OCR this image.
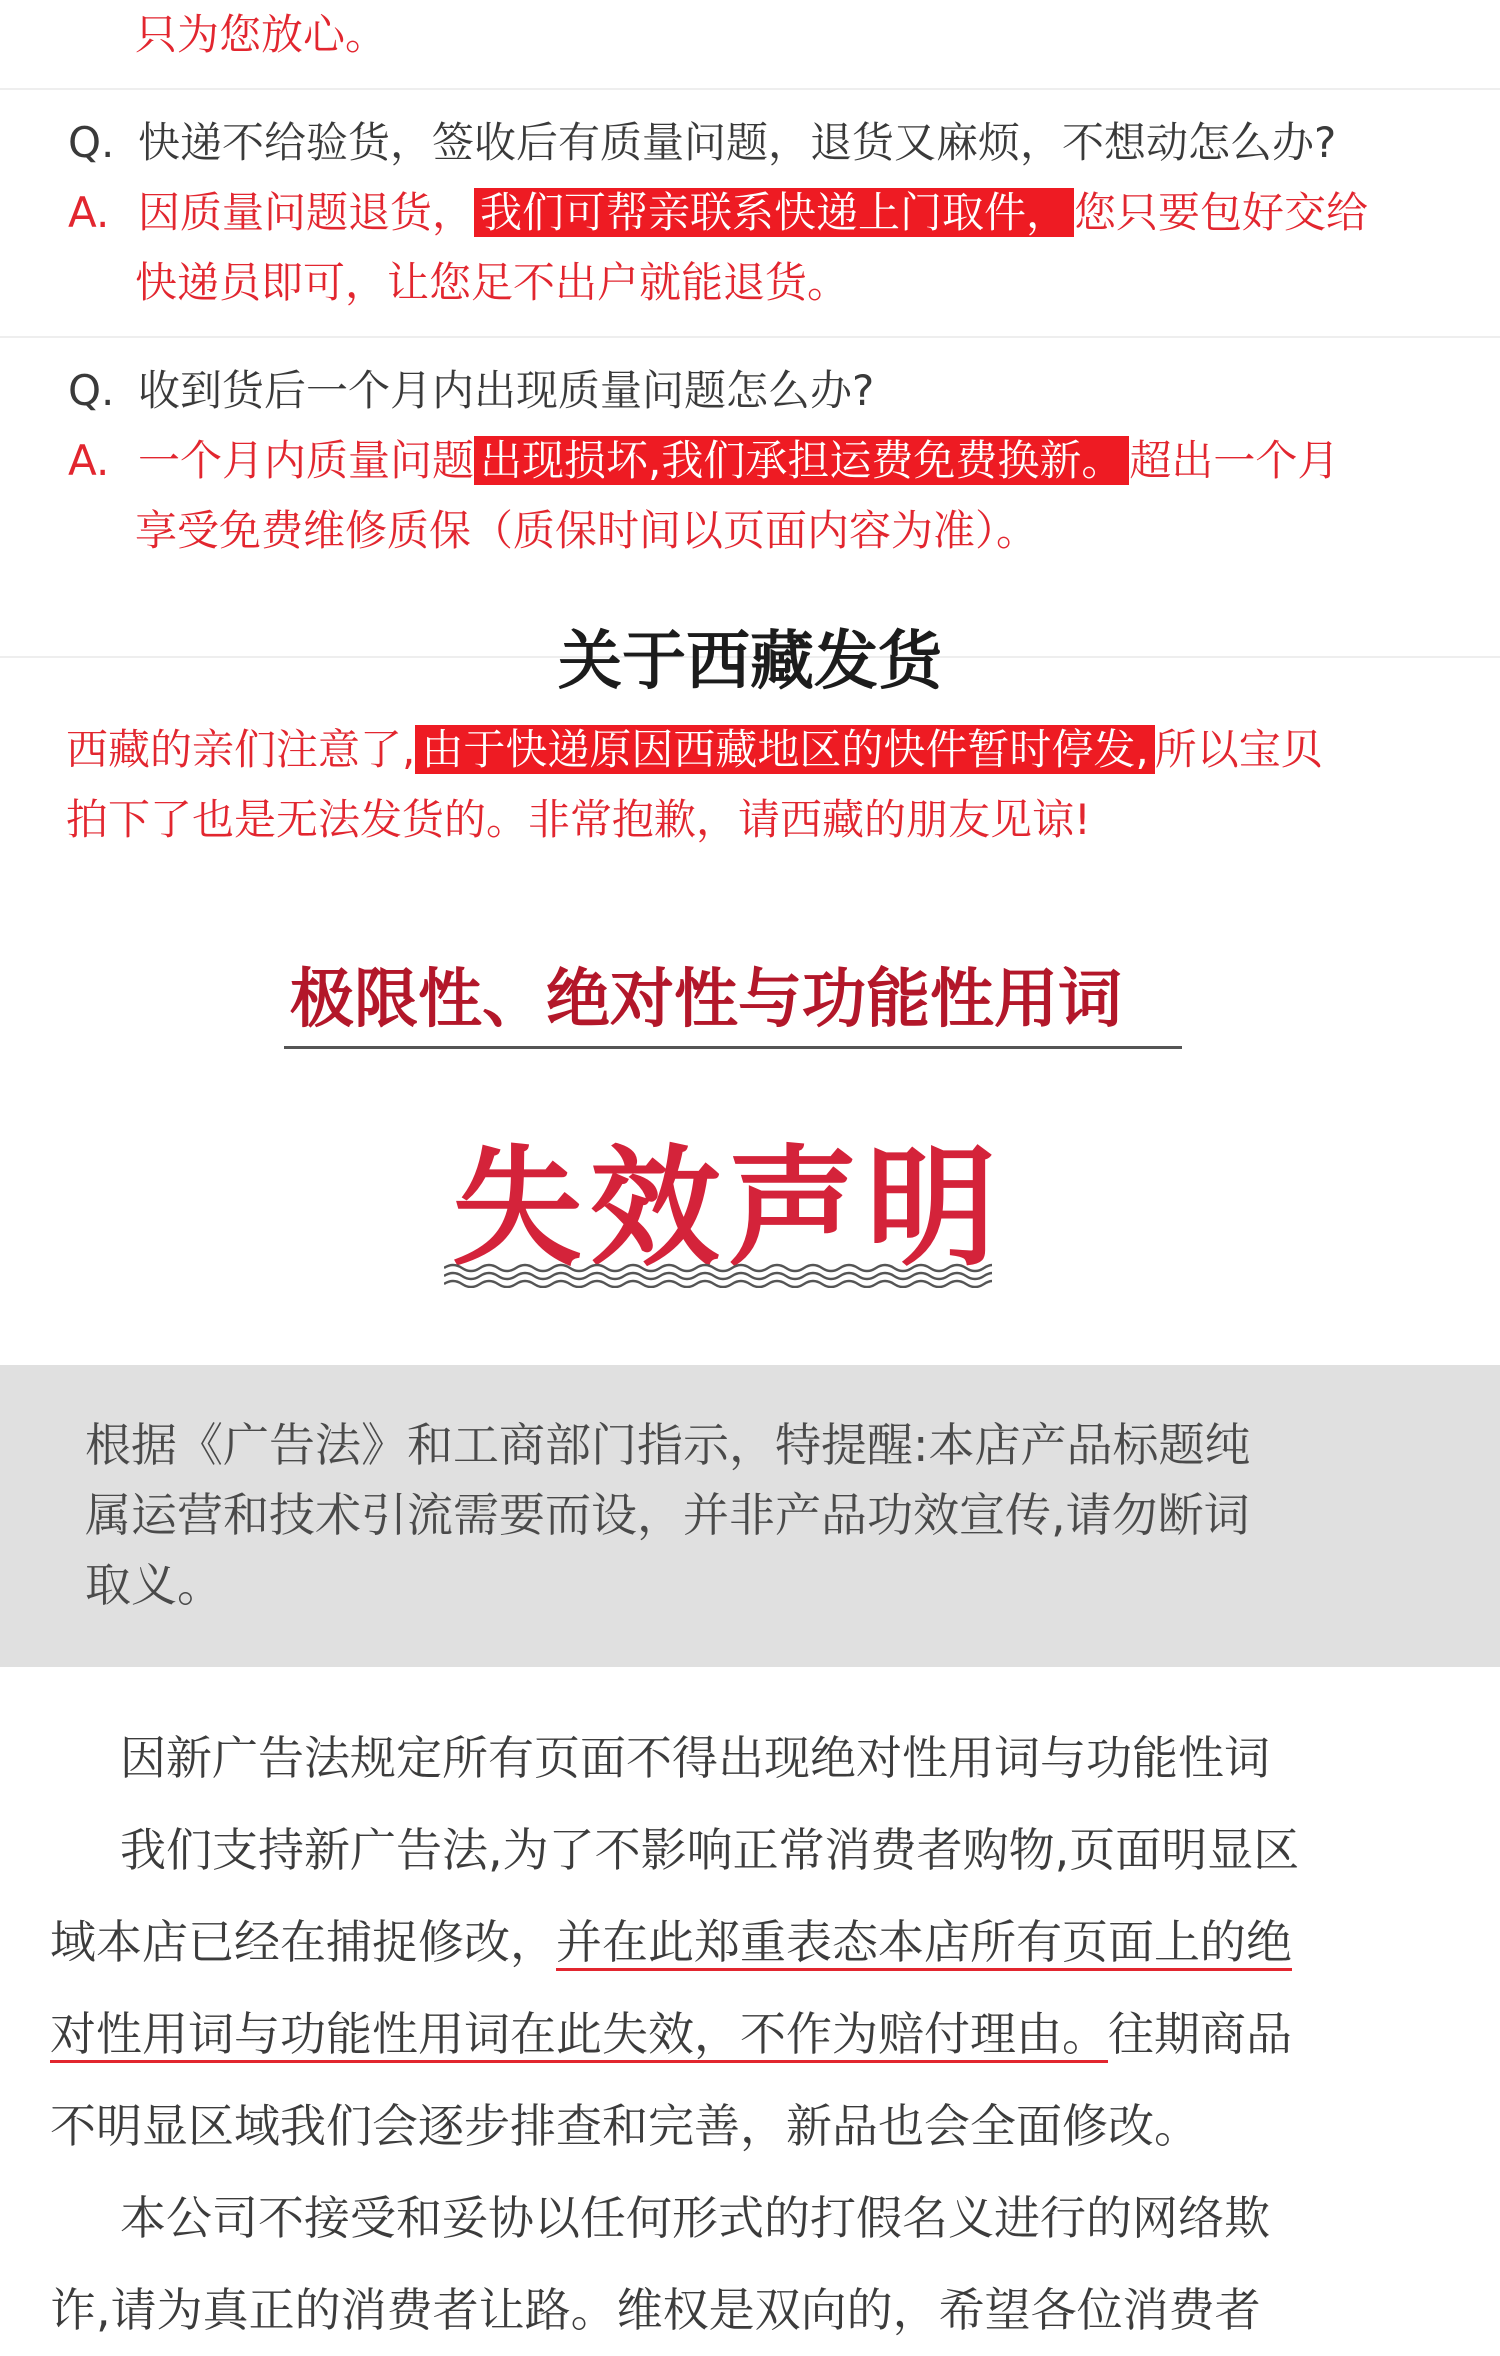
只为您放心。
Q. 快递不给验货，签收后有质量问题，退货又麻烦，不想动怎么办?
A. 因质量问题退货， 我们可帮亲联系快递上门取件， 您只要包好交给
快递员即可，让您足不出户就能退货。
Q. 收到货后一个月内出现质量问题怎么办?
A. 一个月内质量问题 出现损坏,我们承担运费免费换新。 超出一个月
享受免费维修质保（质保时间以页面内容为准）。
关于西藏发货
西藏的亲们注意了, 由于快递原因西藏地区的快件暂时停发, 所以宝贝
拍下了也是无法发货的。非常抱歉，请西藏的朋友见谅!
极限性、绝对性与功能性用词
失效声明
根据《广告法》和工商部门指示，特提醒:本店产品标题纯
属运营和技术引流需要而设，并非产品功效宣传,请勿断词
取义。
因新广告法规定所有页面不得出现绝对性用词与功能性词
我们支持新广告法,为了不影响正常消费者购物,页面明显区
域本店已经在捕捉修改，并在此郑重表态本店所有页面上的绝
对性用词与功能性用词在此失效，不作为赔付理由。往期商品
不明显区域我们会逐步排查和完善，新品也会全面修改。
本公司不接受和妥协以任何形式的打假名义进行的网络欺
诈,请为真正的消费者让路。维权是双向的，希望各位消费者
